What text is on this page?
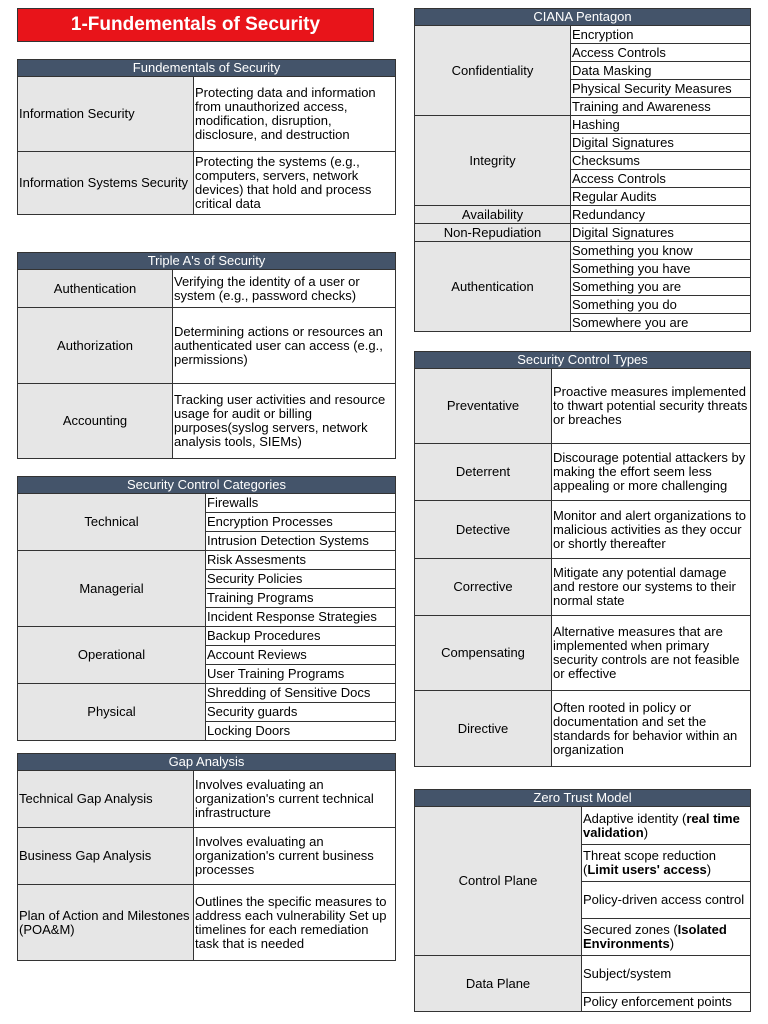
1-Fundementals of Security
Fundementals of Security	
Information Security	Protecting data and information from unauthorized access, modification, disruption, disclosure, and destruction
Information Systems Security	Protecting the systems (e.g., computers, servers, network devices) that hold and process critical data
Triple A's of Security	
Authentication	Verifying the identity of a user or system (e.g., password checks)
Authorization	Determining actions or resources an authenticated user can access (e.g., permissions)
Accounting	Tracking user activities and resource usage for audit or billing purposes(syslog servers, network analysis tools, SIEMs)
Security Control Categories	
Technical	Firewalls
	Encryption Processes
	Intrusion Detection Systems
Managerial	Risk Assesments
	Security Policies
	Training Programs
	Incident Response Strategies
Operational	Backup Procedures
	Account Reviews
	User Training Programs
Physical	Shredding of Sensitive Docs
	Security guards
	Locking Doors
Gap Analysis	
Technical Gap Analysis	Involves evaluating an organization's current technical infrastructure
Business Gap Analysis	Involves evaluating an organization's current business processes
Plan of Action and Milestones (POA&M)	Outlines the specific measures to address each vulnerability Set up timelines for each remediation task that is needed
CIANA Pentagon	
Confidentiality	Encryption
	Access Controls
	Data Masking
	Physical Security Measures
	Training and Awareness
Integrity	Hashing
	Digital Signatures
	Checksums
	Access Controls
	Regular Audits
Availability	Redundancy
Non-Repudiation	Digital Signatures
Authentication	Something you know
	Something you have
	Something you are
	Something you do
	Somewhere you are
Security Control Types	
Preventative	Proactive measures implemented to thwart potential security threats or breaches
Deterrent	Discourage potential attackers by making the effort seem less appealing or more challenging
Detective	Monitor and alert organizations to malicious activities as they occur or shortly thereafter
Corrective	Mitigate any potential damage and restore our systems to their normal state
Compensating	Alternative measures that are implemented when primary security controls are not feasible or effective
Directive	Often rooted in policy or documentation and set the standards for behavior within an organization
Zero Trust Model	
Control Plane	Adaptive identity (real time validation)
	Threat scope reduction (Limit users' access)
	Policy-driven access control
	Secured zones (Isolated Environments)
Data Plane	Subject/system
	Policy enforcement points
